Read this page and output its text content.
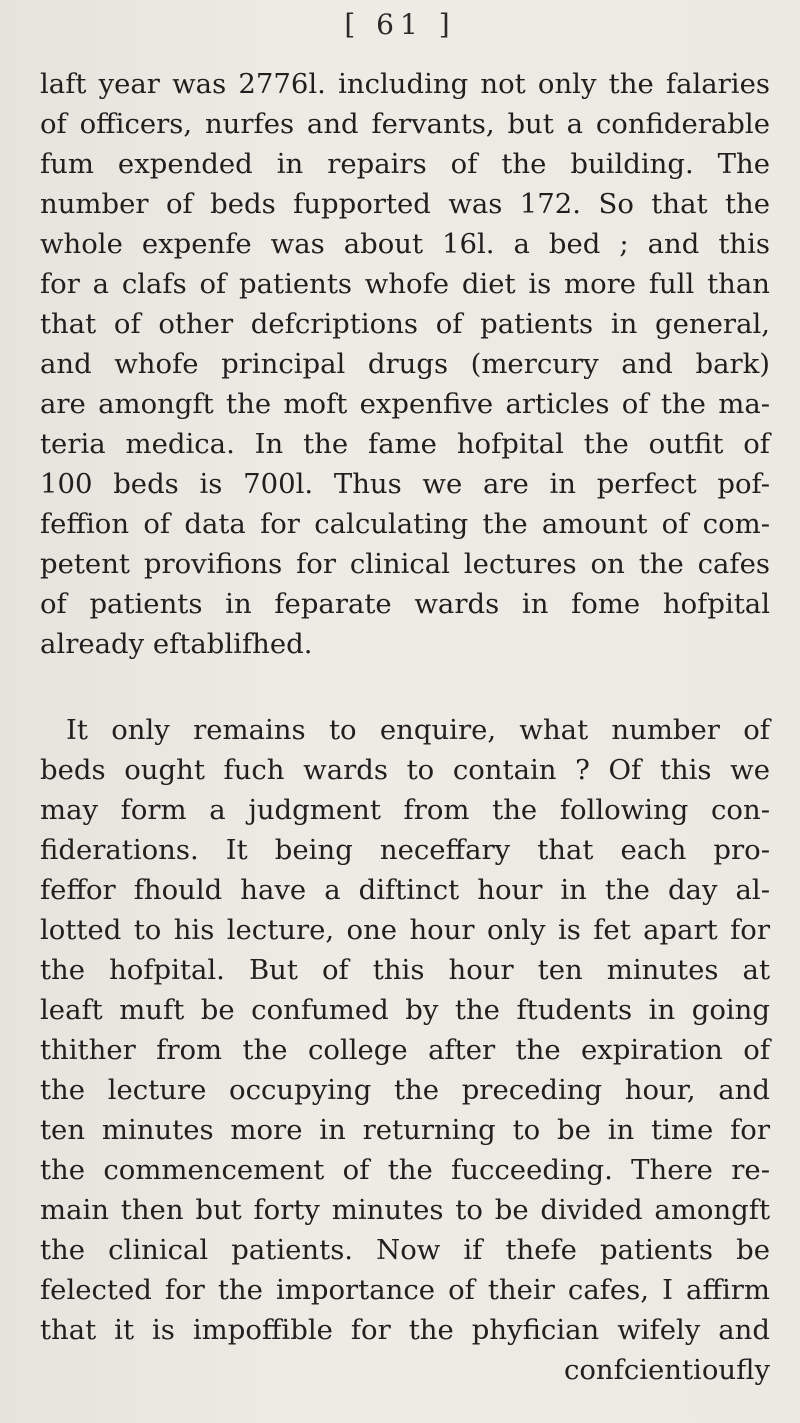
[ 61 ]
laft year was 2776l. including not only the falaries
of officers, nurfes and fervants, but a confiderable
fum expended in repairs of the building. The
number of beds fupported was 172. So that the
whole expenfe was about 16l. a bed ; and this
for a clafs of patients whofe diet is more full than
that of other defcriptions of patients in general,
and whofe principal drugs (mercury and bark)
are amongft the moft expenfive articles of the ma-
teria medica. In the fame hofpital the outfit of
100 beds is 700l. Thus we are in perfect pof-
feffion of data for calculating the amount of com-
petent provifions for clinical lectures on the cafes
of patients in feparate wards in fome hofpital
already eftablifhed.
It only remains to enquire, what number of
beds ought fuch wards to contain ? Of this we
may form a judgment from the following con-
fiderations. It being neceffary that each pro-
feffor fhould have a diftinct hour in the day al-
lotted to his lecture, one hour only is fet apart for
the hofpital. But of this hour ten minutes at
leaft muft be confumed by the ftudents in going
thither from the college after the expiration of
the lecture occupying the preceding hour, and
ten minutes more in returning to be in time for
the commencement of the fucceeding. There re-
main then but forty minutes to be divided amongft
the clinical patients. Now if thefe patients be
felected for the importance of their cafes, I affirm
that it is impoffible for the phyfician wifely and
confcientioufly
